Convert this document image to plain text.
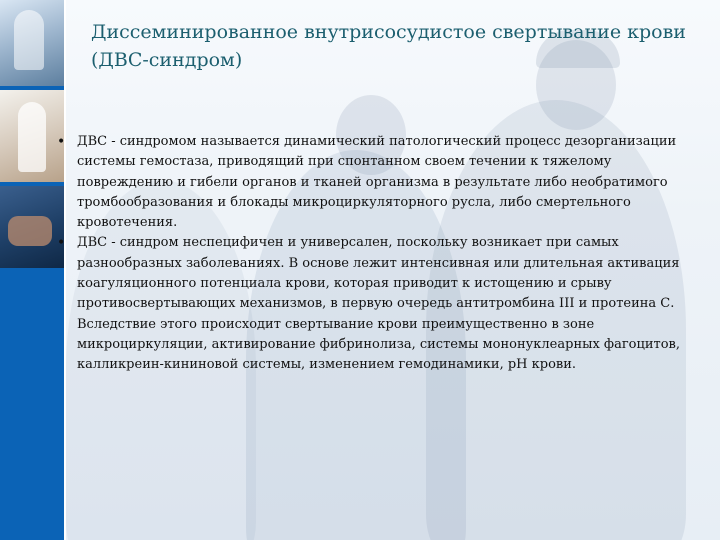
Диссеминированное внутрисосудистое свертывание крови (ДВС-синдром)
• ДВС - синдромом называется динамический патологический процесс дезорганизации системы гемостаза, приводящий при спонтанном своем течении к тяжелому повреждению и гибели органов и тканей организма в результате либо необратимого тромбообразования и блокады микроциркуляторного русла, либо смертельного кровотечения.
• ДВС - синдром неспецифичен и универсален, поскольку возникает при самых разнообразных заболеваниях. В основе лежит интенсивная или длительная активация коагуляционного потенциала крови, которая приводит к истощению и срыву противосвертывающих механизмов, в первую очередь антитромбина III и протеина С. Вследствие этого происходит свертывание крови преимущественно в зоне микроциркуляции, активирование фибринолиза, системы мононуклеарных фагоцитов, калликреин-кининовой системы, изменением гемодинамики, рН крови.
